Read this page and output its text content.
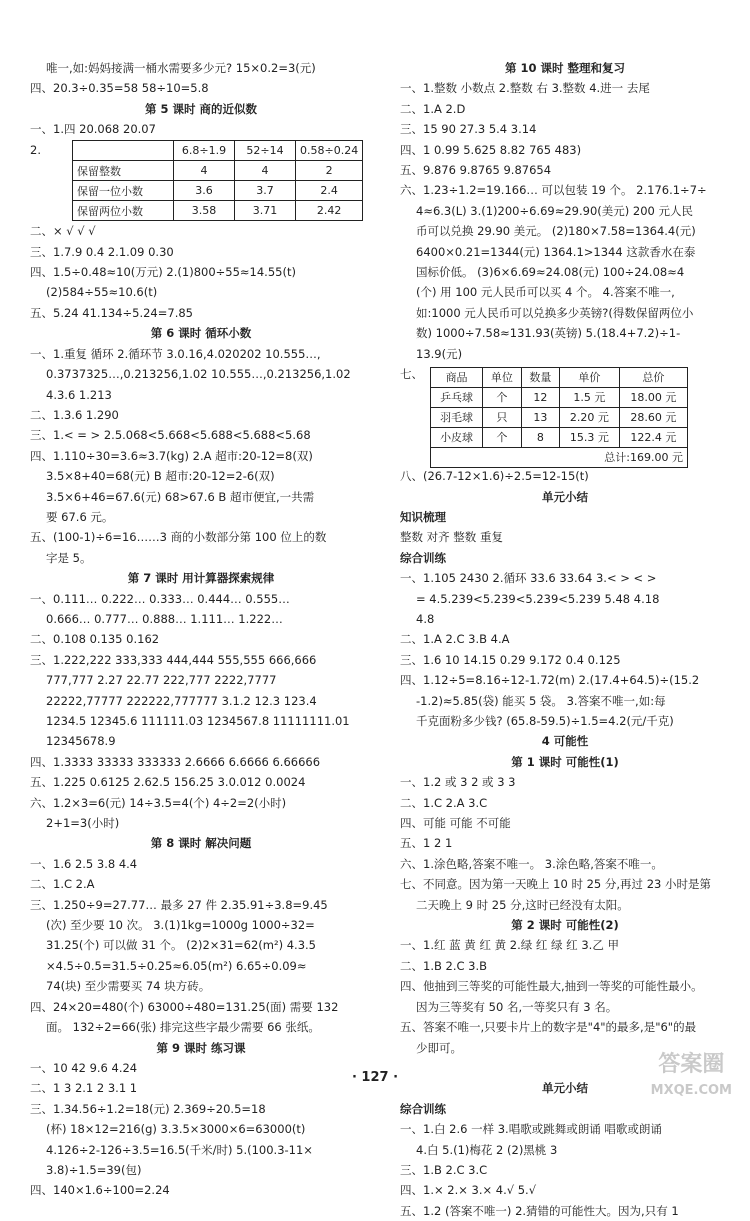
唯一,如:妈妈接满一桶水需要多少元? 15×0.2=3(元)
四、20.3÷0.35=58 58÷10=5.8
第 5 课时 商的近似数
一、1.四 20.068 20.07
2.
		6.8÷1.9	52÷14	0.58÷0.24
保留整数	4	4	2
保留一位小数	3.6	3.7	2.4
保留两位小数	3.58	3.71	2.42

二、× √ √ √
三、1.7.9 0.4 2.1.09 0.30
四、1.5÷0.48≈10(万元) 2.(1)800÷55≈14.55(t)
(2)584÷55≈10.6(t)
五、5.24 41.134÷5.24=7.85
第 6 课时 循环小数
一、1.重复 循环 2.循环节 3.0.16,4.020202 10.555…,
0.3737325…,0.213256,1.02 10.555…,0.213256,1.02
4.3.6 1.213
二、1.3.6 1.290
三、1.< = > 2.5.068<5.668<5.688<5.688<5.68
四、1.110÷30=3.6≈3.7(kg) 2.A 超市:20-12=8(双)
3.5×8+40=68(元) B 超市:20-12=2-6(双)
3.5×6+46=67.6(元) 68>67.6 B 超市便宜,一共需
要 67.6 元。
五、(100-1)÷6=16……3 商的小数部分第 100 位上的数
字是 5。
第 7 课时 用计算器探索规律
一、0.111… 0.222… 0.333… 0.444… 0.555…
0.666… 0.777… 0.888… 1.111… 1.222…
二、0.108 0.135 0.162
三、1.222,222 333,333 444,444 555,555 666,666
777,777 2.27 22.77 222,777 2222,7777
22222,77777 222222,777777 3.1.2 12.3 123.4
1234.5 12345.6 111111.03 1234567.8 11111111.01
12345678.9
四、1.3333 33333 333333 2.6666 6.6666 6.66666
五、1.225 0.6125 2.62.5 156.25 3.0.012 0.0024
六、1.2×3=6(元) 14÷3.5=4(个) 4÷2=2(小时)
2+1=3(小时)
第 8 课时 解决问题
一、1.6 2.5 3.8 4.4
二、1.C 2.A
三、1.250÷9=27.77… 最多 27 件 2.35.91÷3.8=9.45
(次) 至少要 10 次。 3.(1)1kg=1000g 1000÷32=
31.25(个) 可以做 31 个。 (2)2×31=62(m²) 4.3.5
×4.5÷0.5=31.5÷0.25≈6.05(m²) 6.65÷0.09≈
74(块) 至少需要买 74 块方砖。
四、24×20=480(个) 63000÷480=131.25(面) 需要 132
面。 132÷2=66(张) 排完这些字最少需要 66 张纸。
第 9 课时 练习课
一、10 42 9.6 4.24
二、1 3 2.1 2 3.1 1
三、1.34.56÷1.2=18(元) 2.369÷20.5=18
(杯) 18×12=216(g) 3.3.5×3000×6=63000(t)
4.126÷2-126÷3.5=16.5(千米/时) 5.(100.3-11×
3.8)÷1.5=39(包)
四、140×1.6÷100=2.24
第 10 课时 整理和复习
一、1.整数 小数点 2.整数 右 3.整数 4.进一 去尾
二、1.A 2.D
三、15 90 27.3 5.4 3.14
四、1 0.99 5.625 8.82 765 483)
五、9.876 9.8765 9.87654
六、1.23÷1.2=19.166… 可以包装 19 个。 2.176.1÷7÷
4≈6.3(L) 3.(1)200÷6.69≈29.90(美元) 200 元人民
币可以兑换 29.90 美元。 (2)180×7.58=1364.4(元)
6400×0.21=1344(元) 1364.1>1344 这款香水在泰
国标价低。 (3)6×6.69≈24.08(元) 100÷24.08≈4
(个) 用 100 元人民币可以买 4 个。 4.答案不唯一,
如:1000 元人民币可以兑换多少英镑?(得数保留两位小
数) 1000÷7.58≈131.93(英镑) 5.(18.4+7.2)÷1-
13.9(元)
七、	商品	单位	数量	单价	总价
乒乓球	个	12	1.5 元	18.00 元
羽毛球	只	13	2.20 元	28.60 元
小皮球	个	8	15.3 元	122.4 元
总计:169.00 元				

八、(26.7-12×1.6)÷2.5=12-15(t)
单元小结
知识梳理
整数 对齐 整数 重复
综合训练
一、1.105 2430 2.循环 33.6 33.64 3.< > < >
= 4.5.239<5.239<5.239<5.239 5.48 4.18
4.8
二、1.A 2.C 3.B 4.A
三、1.6 10 14.15 0.29 9.172 0.4 0.125
四、1.12÷5=8.16÷12-1.72(m) 2.(17.4+64.5)÷(15.2
-1.2)≈5.85(袋) 能买 5 袋。 3.答案不唯一,如:每
千克面粉多少钱? (65.8-59.5)÷1.5=4.2(元/千克)
4 可能性
第 1 课时 可能性(1)
一、1.2 或 3 2 或 3 3
二、1.C 2.A 3.C
四、可能 可能 不可能
五、1 2 1
六、1.涂色略,答案不唯一。 3.涂色略,答案不唯一。
七、不同意。因为第一天晚上 10 时 25 分,再过 23 小时是第
二天晚上 9 时 25 分,这时已经没有太阳。
第 2 课时 可能性(2)
一、1.红 蓝 黄 红 黄 2.绿 红 绿 红 3.乙 甲
二、1.B 2.C 3.B
四、他抽到三等奖的可能性最大,抽到一等奖的可能性最小。
因为三等奖有 50 名,一等奖只有 3 名。
五、答案不唯一,只要卡片上的数字是"4"的最多,是"6"的最
少即可。

单元小结
综合训练
一、1.白 2.6 一样 3.唱歌或跳舞或朗诵 唱歌或朗诵
4.白 5.(1)梅花 2 (2)黑桃 3
三、1.B 2.C 3.C
四、1.× 2.× 3.× 4.√ 5.√
五、1.2 (答案不唯一) 2.猜错的可能性大。因为,只有 1
· 127 ·
答案圈
MXQE.COM
